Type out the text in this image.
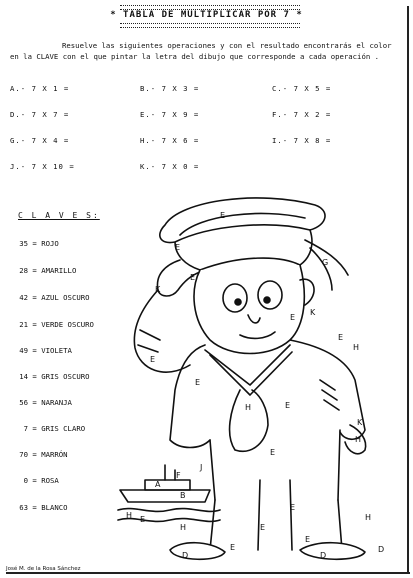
* TABLA DE MULTIPLICAR POR 7 *
Resuelve las siguientes operaciones y con el resultado encontrarás el color
en la CLAVE con el que pintar la letra del dibujo que corresponde a cada operación .
A.- 7 X 1 =	B.- 7 X 3 =	C.- 7 X 5 =
D.- 7 X 7 =	E.- 7 X 9 =	F.- 7 X 2 =
G.- 7 X 4 =	H.- 7 X 6 =	I.- 7 X 8 =
J.- 7 X 10 =	K.- 7 X 0 =
C L A V E S:
35 = ROJO
28 = AMARILLO
42 = AZUL OSCURO
21 = VERDE OSCURO
49 = VIOLETA
14 = GRIS OSCURO
56 = NARANJA
7 = GRIS CLARO
70 = MARRÓN
0 = ROSA
63 = BLANCO
E
E
G
K
K
E
E
H
E
E
H	E
E
H
K
E
J
F
A
B
H
H
E
E
E
H
D
E
E
D
D
José M. de la Rosa Sánchez
